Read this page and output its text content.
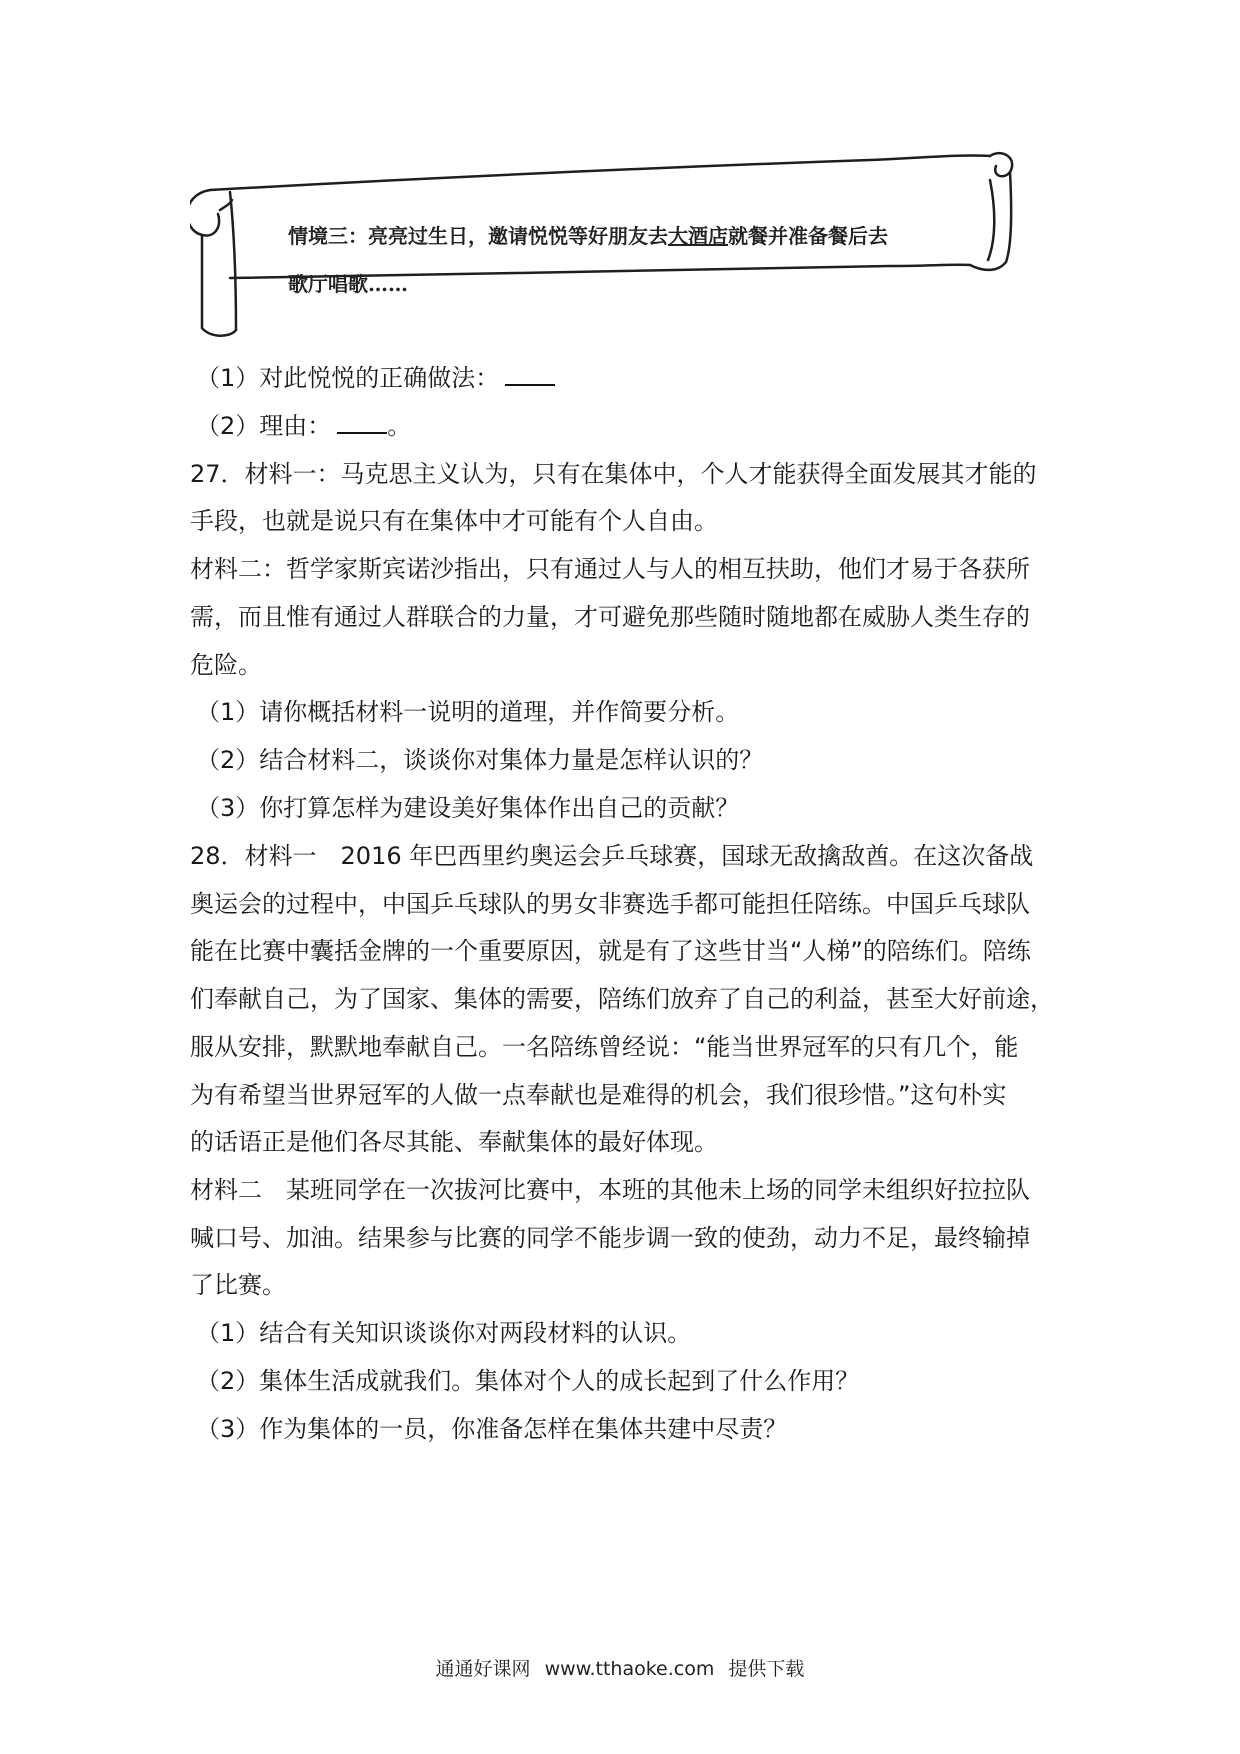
情境三：亮亮过生日，邀请悦悦等好朋友去大酒店就餐并准备餐后去
歌厅唱歌……
（1）对此悦悦的正确做法：
（2）理由： 。
27．材料一：马克思主义认为，只有在集体中，个人才能获得全面发展其才能的
手段，也就是说只有在集体中才可能有个人自由。
材料二：哲学家斯宾诺沙指出，只有通过人与人的相互扶助，他们才易于各获所
需，而且惟有通过人群联合的力量，才可避免那些随时随地都在威胁人类生存的
危险。
（1）请你概括材料一说明的道理，并作简要分析。
（2）结合材料二，谈谈你对集体力量是怎样认识的？
（3）你打算怎样为建设美好集体作出自己的贡献？
28．材料一　2016 年巴西里约奥运会乒乓球赛，国球无敌擒敌酋。在这次备战
奥运会的过程中，中国乒乓球队的男女非赛选手都可能担任陪练。中国乒乓球队
能在比赛中囊括金牌的一个重要原因，就是有了这些甘当“人梯”的陪练们。陪练
们奉献自己，为了国家、集体的需要，陪练们放弃了自己的利益，甚至大好前途，
服从安排，默默地奉献自己。一名陪练曾经说：“能当世界冠军的只有几个，能
为有希望当世界冠军的人做一点奉献也是难得的机会，我们很珍惜。”这句朴实
的话语正是他们各尽其能、奉献集体的最好体现。
材料二　某班同学在一次拔河比赛中，本班的其他未上场的同学未组织好拉拉队
喊口号、加油。结果参与比赛的同学不能步调一致的使劲，动力不足，最终输掉
了比赛。
（1）结合有关知识谈谈你对两段材料的认识。
（2）集体生活成就我们。集体对个人的成长起到了什么作用？
（3）作为集体的一员，你准备怎样在集体共建中尽责？
通通好课网 www.tthaoke.com 提供下载
